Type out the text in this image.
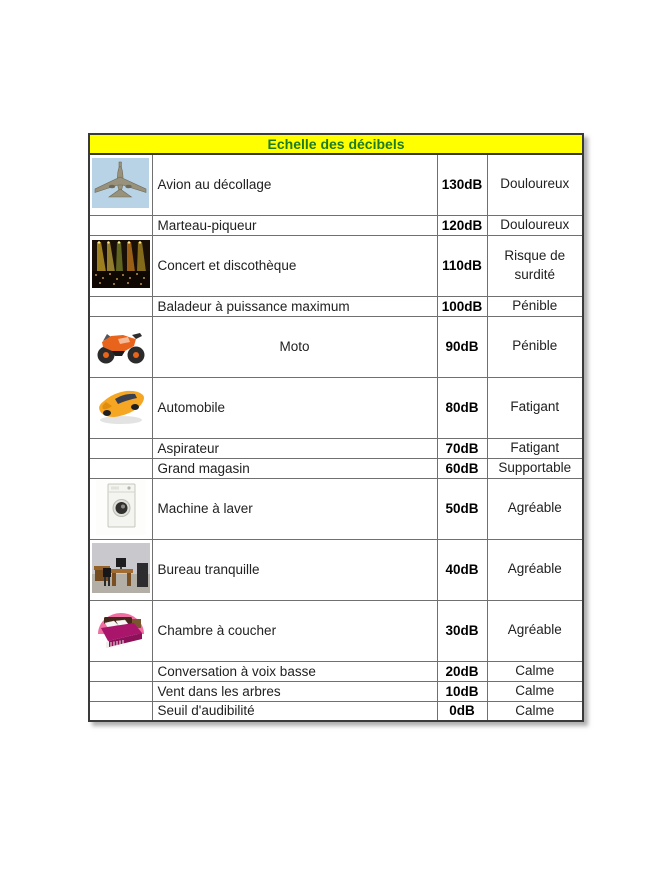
Echelle des décibels			

	Avion au décollage	130dB	Douloureux
	Marteau-piqueur	120dB	Douloureux

	Concert et discothèque	110dB	Risque de surdité
	Baladeur à puissance maximum	100dB	Pénible

	Moto	90dB	Pénible

	Automobile	80dB	Fatigant
	Aspirateur	70dB	Fatigant
	Grand magasin	60dB	Supportable

	Machine à laver	50dB	Agréable

	Bureau tranquille	40dB	Agréable

	Chambre à coucher	30dB	Agréable
	Conversation à voix basse	20dB	Calme
	Vent dans les arbres	10dB	Calme
	Seuil d'audibilité	0dB	Calme
